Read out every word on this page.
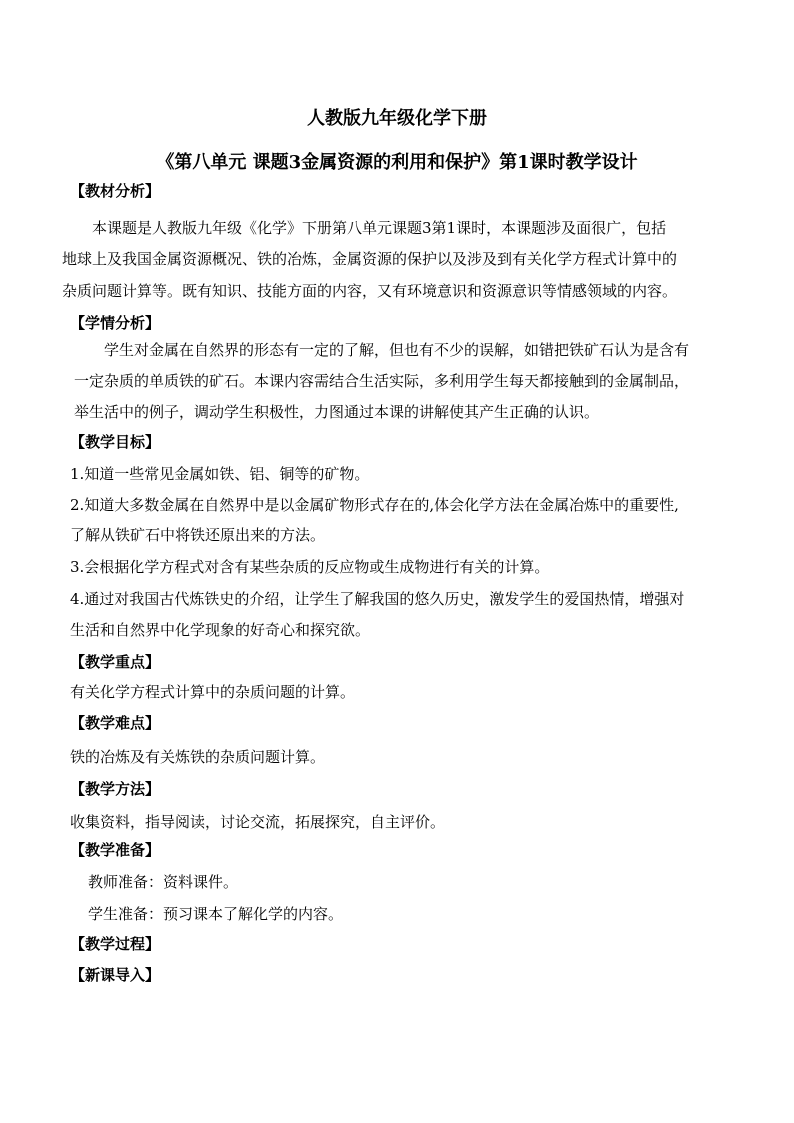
人教版九年级化学下册
《第八单元 课题3金属资源的利用和保护》第1课时教学设计
【教材分析】
本课题是人教版九年级《化学》下册第八单元课题3第1课时，本课题涉及面很广，包括
地球上及我国金属资源概况、铁的冶炼，金属资源的保护以及涉及到有关化学方程式计算中的
杂质问题计算等。既有知识、技能方面的内容，又有环境意识和资源意识等情感领域的内容。
【学情分析】
学生对金属在自然界的形态有一定的了解，但也有不少的误解，如错把铁矿石认为是含有
一定杂质的单质铁的矿石。本课内容需结合生活实际，多利用学生每天都接触到的金属制品，
举生活中的例子，调动学生积极性，力图通过本课的讲解使其产生正确的认识。
【教学目标】
1.知道一些常见金属如铁、铝、铜等的矿物。
2.知道大多数金属在自然界中是以金属矿物形式存在的,体会化学方法在金属冶炼中的重要性,
了解从铁矿石中将铁还原出来的方法。
3.会根据化学方程式对含有某些杂质的反应物或生成物进行有关的计算。
4.通过对我国古代炼铁史的介绍，让学生了解我国的悠久历史，激发学生的爱国热情，增强对
生活和自然界中化学现象的好奇心和探究欲。
【教学重点】
有关化学方程式计算中的杂质问题的计算。
【教学难点】
铁的冶炼及有关炼铁的杂质问题计算。
【教学方法】
收集资料，指导阅读，讨论交流，拓展探究，自主评价。
【教学准备】
教师准备：资料课件。
学生准备：预习课本了解化学的内容。
【教学过程】
【新课导入】
